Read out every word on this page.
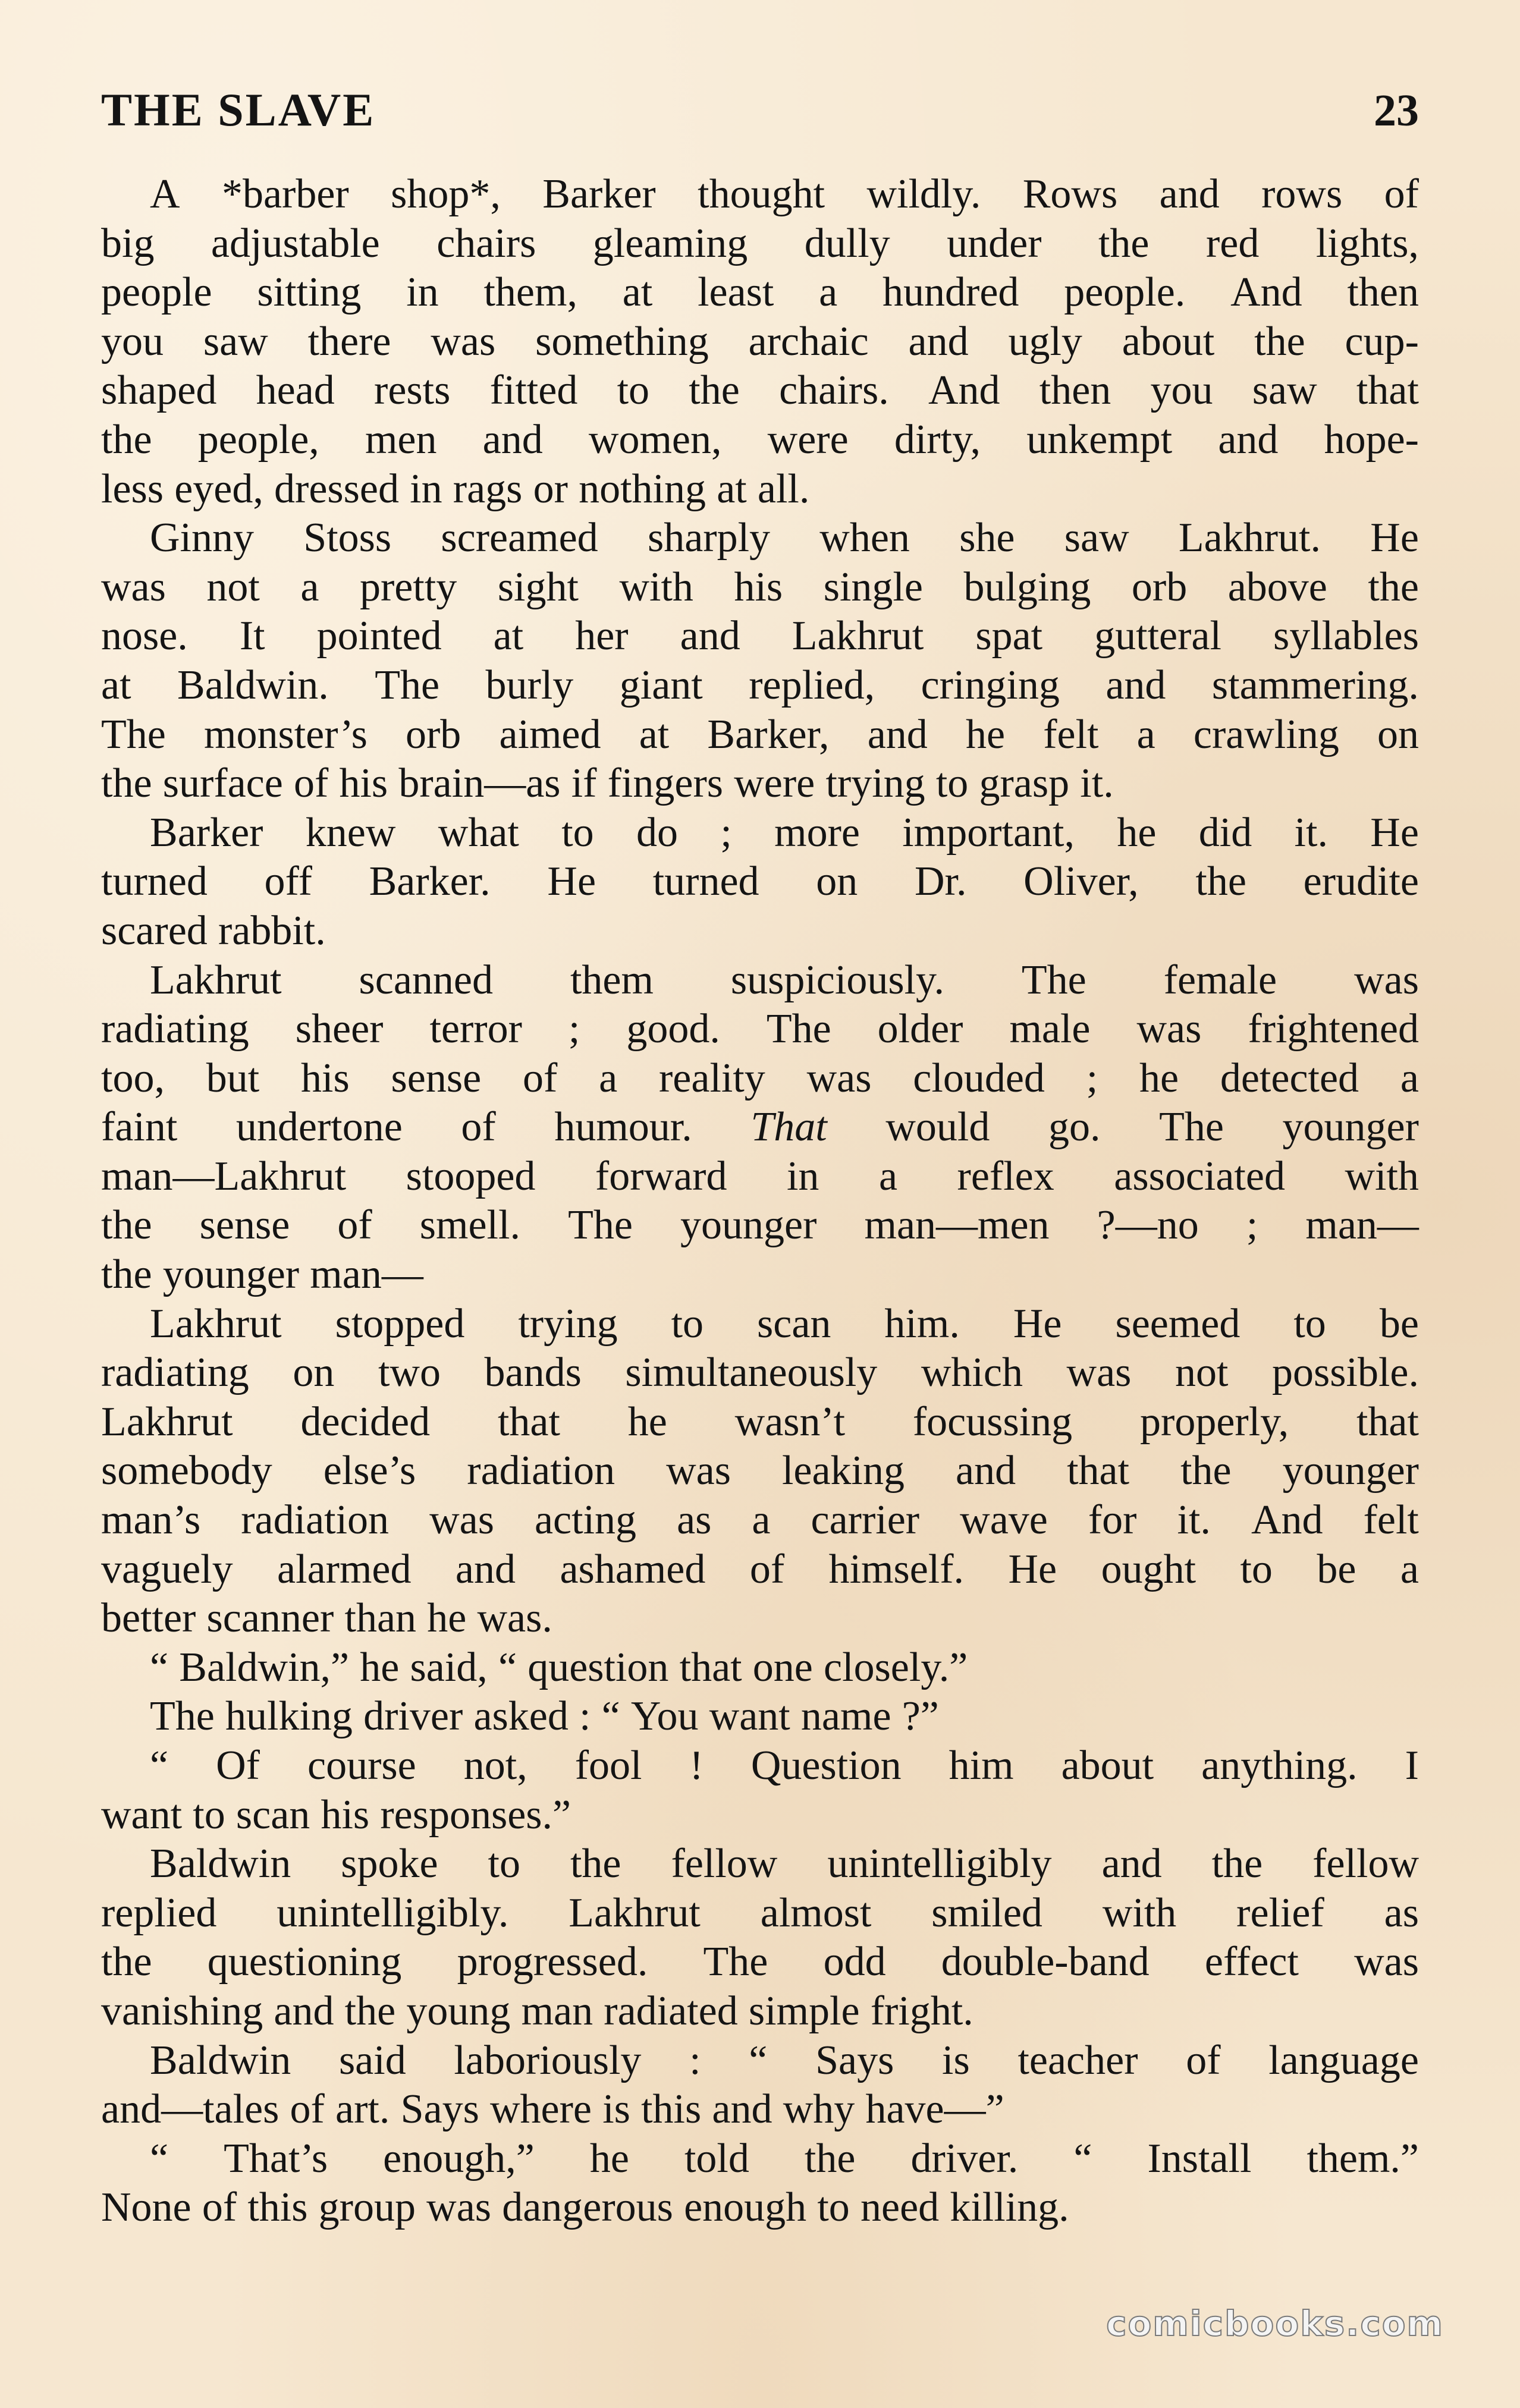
THE SLAVE	23
A *barber shop*, Barker thought wildly. Rows and rows of
big adjustable chairs gleaming dully under the red lights,
people sitting in them, at least a hundred people. And then
you saw there was something archaic and ugly about the cup-
shaped head rests fitted to the chairs. And then you saw that
the people, men and women, were dirty, unkempt and hope-
less eyed, dressed in rags or nothing at all.
Ginny Stoss screamed sharply when she saw Lakhrut. He
was not a pretty sight with his single bulging orb above the
nose. It pointed at her and Lakhrut spat gutteral syllables
at Baldwin. The burly giant replied, cringing and stammering.
The monster’s orb aimed at Barker, and he felt a crawling on
the surface of his brain—as if fingers were trying to grasp it.
Barker knew what to do ; more important, he did it. He
turned off Barker. He turned on Dr. Oliver, the erudite
scared rabbit.
Lakhrut scanned them suspiciously. The female was
radiating sheer terror ; good. The older male was frightened
too, but his sense of a reality was clouded ; he detected a
faint undertone of humour. That would go. The younger
man—Lakhrut stooped forward in a reflex associated with
the sense of smell. The younger man—men ?—no ; man—
the younger man—
Lakhrut stopped trying to scan him. He seemed to be
radiating on two bands simultaneously which was not possible.
Lakhrut decided that he wasn’t focussing properly, that
somebody else’s radiation was leaking and that the younger
man’s radiation was acting as a carrier wave for it. And felt
vaguely alarmed and ashamed of himself. He ought to be a
better scanner than he was.
“ Baldwin,” he said, “ question that one closely.”
The hulking driver asked : “ You want name ?”
“ Of course not, fool ! Question him about anything. I
want to scan his responses.”
Baldwin spoke to the fellow unintelligibly and the fellow
replied unintelligibly. Lakhrut almost smiled with relief as
the questioning progressed. The odd double-band effect was
vanishing and the young man radiated simple fright.
Baldwin said laboriously : “ Says is teacher of language
and—tales of art. Says where is this and why have—”
“ That’s enough,” he told the driver. “ Install them.”
None of this group was dangerous enough to need killing.
comicbooks.com
